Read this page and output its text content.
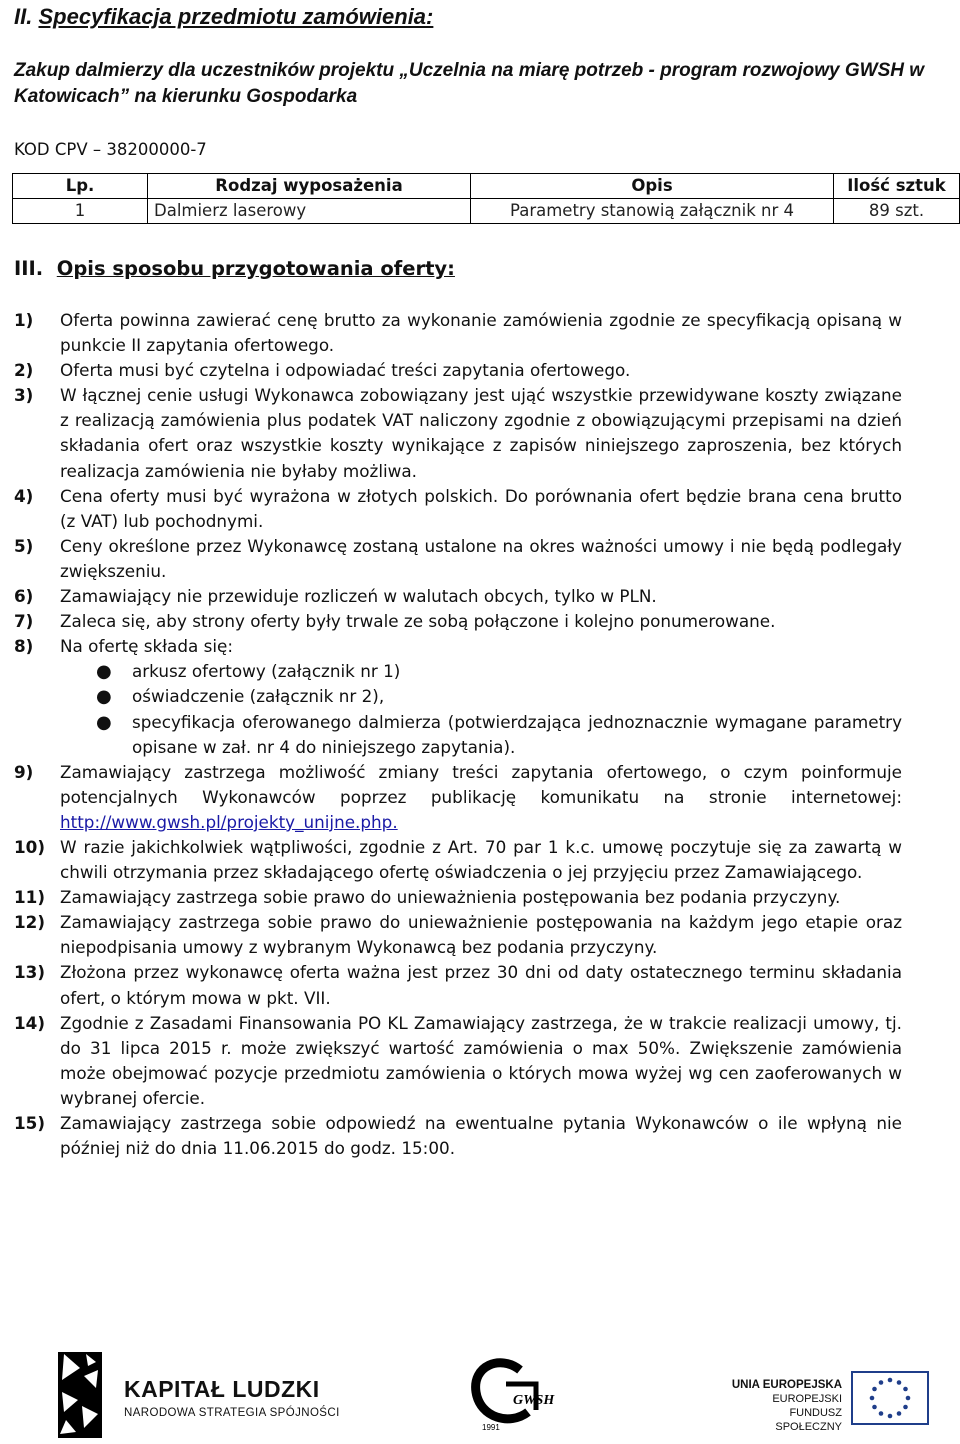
II. Specyfikacja przedmiotu zamówienia:

Zakup dalmierzy dla uczestników projektu „Uczelnia na miarę potrzeb - program rozwojowy GWSH w Katowicach” na kierunku Gospodarka

KOD CPV – 38200000-7

Lp.	Rodzaj wyposażenia	Opis	Ilość sztuk
1	Dalmierz laserowy	Parametry stanowią załącznik nr 4	89 szt.
III. Opis sposobu przygotowania oferty:
1) Oferta powinna zawierać cenę brutto za wykonanie zamówienia zgodnie ze specyfikacją opisaną w punkcie II zapytania ofertowego.
2) Oferta musi być czytelna i odpowiadać treści zapytania ofertowego.
3) W łącznej cenie usługi Wykonawca zobowiązany jest ująć wszystkie przewidywane koszty związane z realizacją zamówienia plus podatek VAT naliczony zgodnie z obowiązującymi przepisami na dzień składania ofert oraz wszystkie koszty wynikające z zapisów niniejszego zaproszenia, bez których realizacja zamówienia nie byłaby możliwa.
4) Cena oferty musi być wyrażona w złotych polskich. Do porównania ofert będzie brana cena brutto (z VAT) lub pochodnymi.
5) Ceny określone przez Wykonawcę zostaną ustalone na okres ważności umowy i nie będą podlegały zwiększeniu.
6) Zamawiający nie przewiduje rozliczeń w walutach obcych, tylko w PLN.
7) Zaleca się, aby strony oferty były trwale ze sobą połączone i kolejno ponumerowane.
8) Na ofertę składa się:
● arkusz ofertowy (załącznik nr 1)
● oświadczenie (załącznik nr 2),
● specyfikacja oferowanego dalmierza (potwierdzająca jednoznacznie wymagane parametry opisane w zał. nr 4 do niniejszego zapytania).
9) Zamawiający zastrzega możliwość zmiany treści zapytania ofertowego, o czym poinformuje potencjalnych Wykonawców poprzez publikację komunikatu na stronie internetowej: http://www.gwsh.pl/projekty_unijne.php.
10) W razie jakichkolwiek wątpliwości, zgodnie z Art. 70 par 1 k.c. umowę poczytuje się za zawartą w chwili otrzymania przez składającego ofertę oświadczenia o jej przyjęciu przez Zamawiającego.
11) Zamawiający zastrzega sobie prawo do unieważnienia postępowania bez podania przyczyny.
12) Zamawiający zastrzega sobie prawo do unieważnienie postępowania na każdym jego etapie oraz niepodpisania umowy z wybranym Wykonawcą bez podania przyczyny.
13) Złożona przez wykonawcę oferta ważna jest przez 30 dni od daty ostatecznego terminu składania ofert, o którym mowa w pkt. VII.
14) Zgodnie z Zasadami Finansowania PO KL Zamawiający zastrzega, że w trakcie realizacji umowy, tj. do 31 lipca 2015 r. może zwiększyć wartość zamówienia o max 50%. Zwiększenie zamówienia może obejmować pozycje przedmiotu zamówienia o których mowa wyżej wg cen zaoferowanych w wybranej ofercie.
15) Zamawiający zastrzega sobie odpowiedź na ewentualne pytania Wykonawców o ile wpłyną nie później niż do dnia 11.06.2015 do godz. 15:00.
GWSH
1991

KAPITAŁ LUDZKI

NARODOWA STRATEGIA SPÓJNOŚCI

UNIA EUROPEJSKA
EUROPEJSKI
FUNDUSZ SPOŁECZNY
